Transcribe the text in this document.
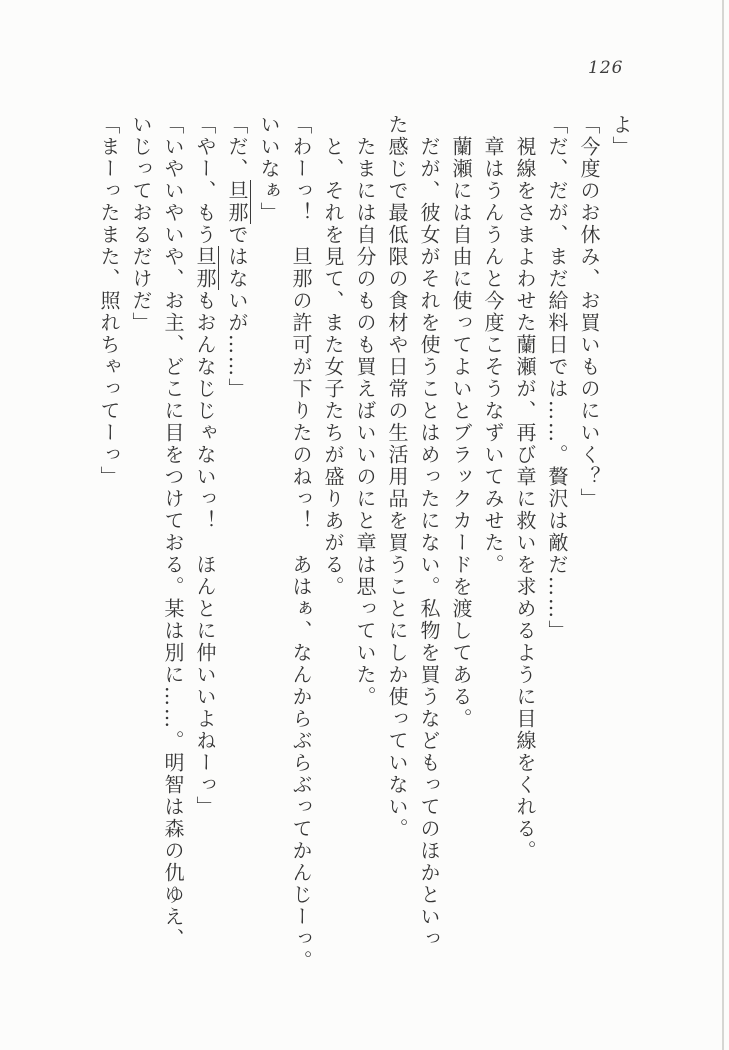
126
よ」
「今度のお休み、お買いものにいく？」
「だ、だが、まだ給料日では……。贅沢は敵だ……」
　視線をさまよわせた蘭瀬が、再び章に救いを求めるように目線をくれる。
　章はうんうんと今度こそうなずいてみせた。
　蘭瀬には自由に使ってよいとブラックカードを渡してある。
　だが、彼女がそれを使うことはめったにない。私物を買うなどもってのほかといっ
た感じで最低限の食材や日常の生活用品を買うことにしか使っていない。
　たまには自分のものも買えばいいのにと章は思っていた。
　と、それを見て、また女子たちが盛りあがる。
「わーっ！　旦那の許可が下りたのねっ！　あはぁ、なんからぶらぶってかんじーっ。
いいなぁ」
「だ、旦那ではないが……」
「やー、もう旦那もおんなじじゃないっ！　ほんとに仲いいよねーっ」
「いやいやいや、お主、どこに目をつけておる。某は別に……。明智は森の仇ゆえ、
いじっておるだけだ」
「まーったまた、照れちゃってーっ」
